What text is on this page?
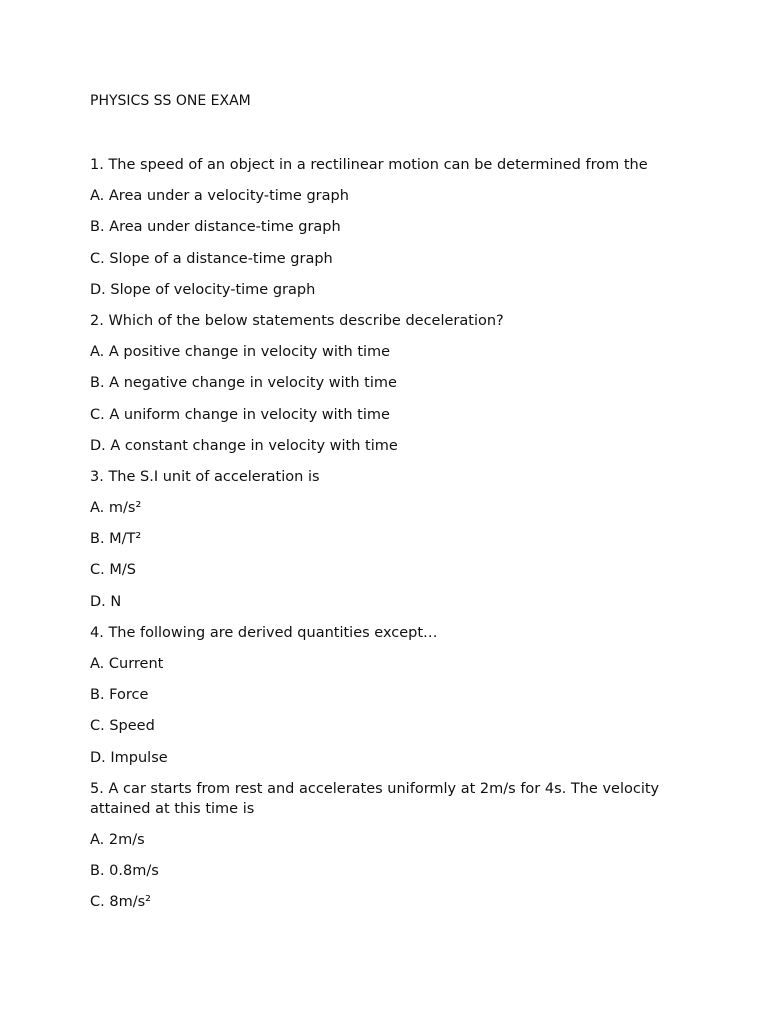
PHYSICS SS ONE EXAM
1. The speed of an object in a rectilinear motion can be determined from the
A. Area under a velocity-time graph
B. Area under distance-time graph
C. Slope of a distance-time graph
D. Slope of velocity-time graph
2. Which of the below statements describe deceleration?
A. A positive change in velocity with time
B. A negative change in velocity with time
C. A uniform change in velocity with time
D. A constant change in velocity with time
3. The S.I unit of acceleration is
A. m/s²
B. M/T²
C. M/S
D. N
4. The following are derived quantities except…
A. Current
B. Force
C. Speed
D. Impulse
5. A car starts from rest and accelerates uniformly at 2m/s for 4s. The velocity attained at this time is
A. 2m/s
B. 0.8m/s
C. 8m/s²
